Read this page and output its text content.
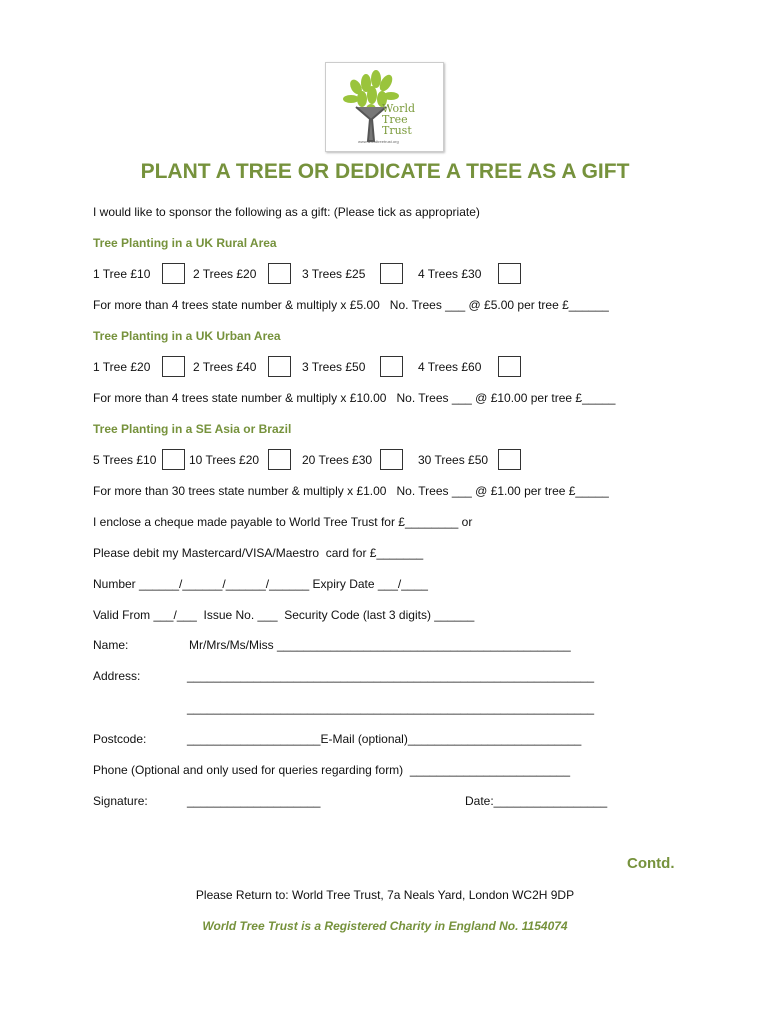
World
Tree
Trust
www.worldtreetrust.org
PLANT A TREE OR DEDICATE A TREE AS A GIFT
I would like to sponsor the following as a gift: (Please tick as appropriate)
Tree Planting in a UK Rural Area
1 Tree £10	2 Trees £20	3 Trees £25	4 Trees £30
For more than 4 trees state number & multiply x £5.00   No. Trees ___ @ £5.00 per tree £______
Tree Planting in a UK Urban Area
1 Tree £20	2 Trees £40	3 Trees £50	4 Trees £60
For more than 4 trees state number & multiply x £10.00   No. Trees ___ @ £10.00 per tree £_____
Tree Planting in a SE Asia or Brazil
5 Trees £10	10 Trees £20	20 Trees £30	30 Trees £50
For more than 30 trees state number & multiply x £1.00   No. Trees ___ @ £1.00 per tree £_____
I enclose a cheque made payable to World Tree Trust for £________ or
Please debit my Mastercard/VISA/Maestro  card for £_______
Number ______/______/______/______ Expiry Date ___/____
Valid From ___/___  Issue No. ___  Security Code (last 3 digits) ______
Name:	Mr/Mrs/Ms/Miss ____________________________________________
Address:	_____________________________________________________________
_____________________________________________________________
Postcode:	____________________E-Mail (optional)__________________________
Phone (Optional and only used for queries regarding form)  ________________________
Signature:	____________________	Date:_________________
Contd.
Please Return to: World Tree Trust, 7a Neals Yard, London WC2H 9DP
World Tree Trust is a Registered Charity in England No. 1154074
